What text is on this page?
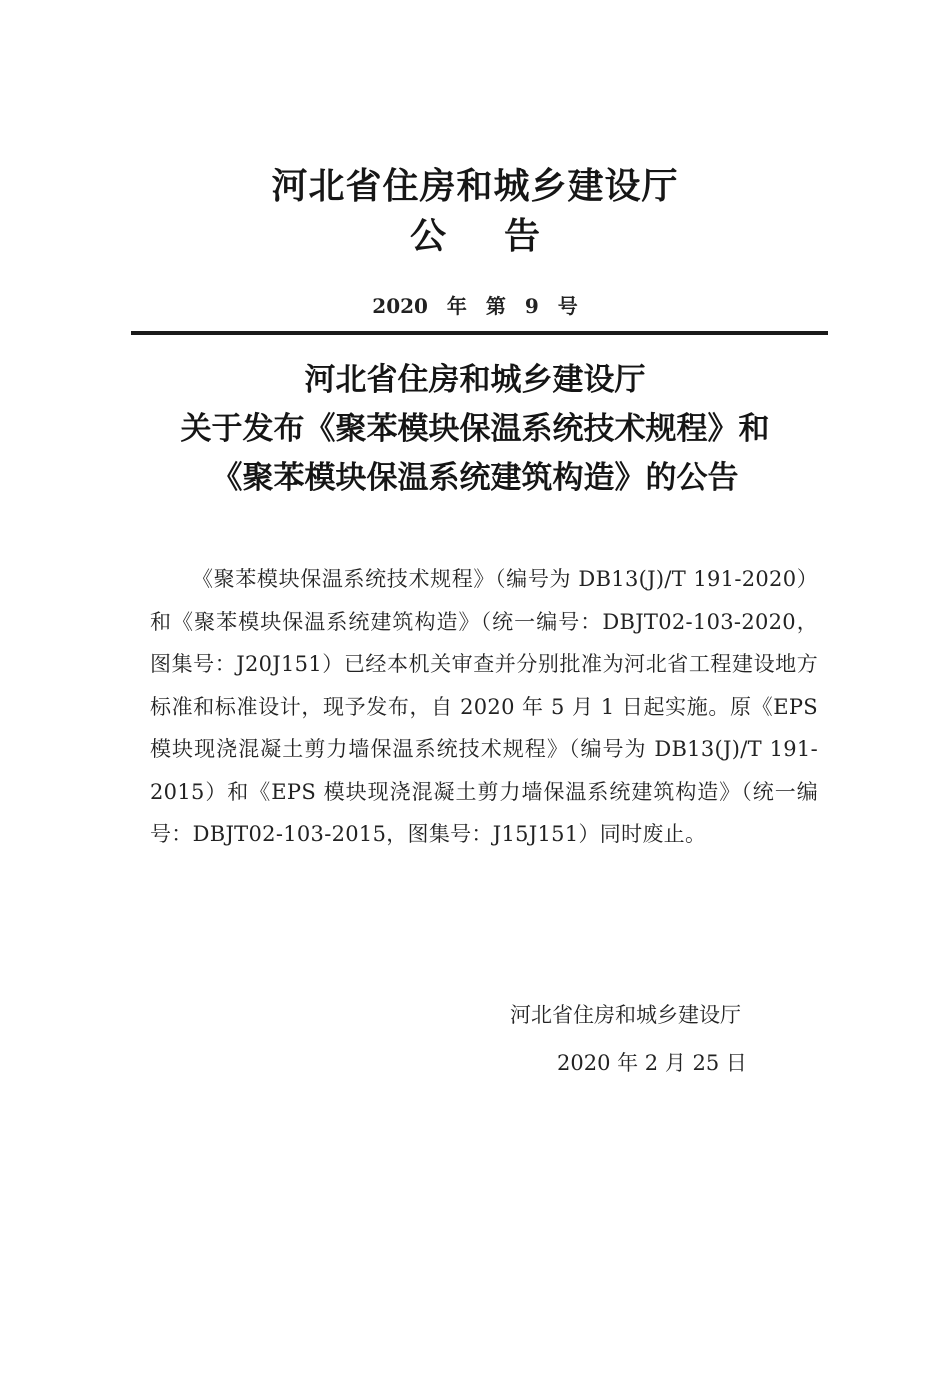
河北省住房和城乡建设厅
公告
2020 年 第 9 号
河北省住房和城乡建设厅
关于发布《聚苯模块保温系统技术规程》和
《聚苯模块保温系统建筑构造》的公告
《聚苯模块保温系统技术规程》（编号为 DB13(J)/T 191-2020）和《聚苯模块保温系统建筑构造》（统一编号：DBJT02-103-2020，图集号：J20J151）已经本机关审查并分别批准为河北省工程建设地方标准和标准设计，现予发布，自 2020 年 5 月 1 日起实施。原《EPS 模块现浇混凝土剪力墙保温系统技术规程》（编号为 DB13(J)/T 191-2015）和《EPS 模块现浇混凝土剪力墙保温系统建筑构造》（统一编号：DBJT02-103-2015，图集号：J15J151）同时废止。
河北省住房和城乡建设厅
2020 年 2 月 25 日
